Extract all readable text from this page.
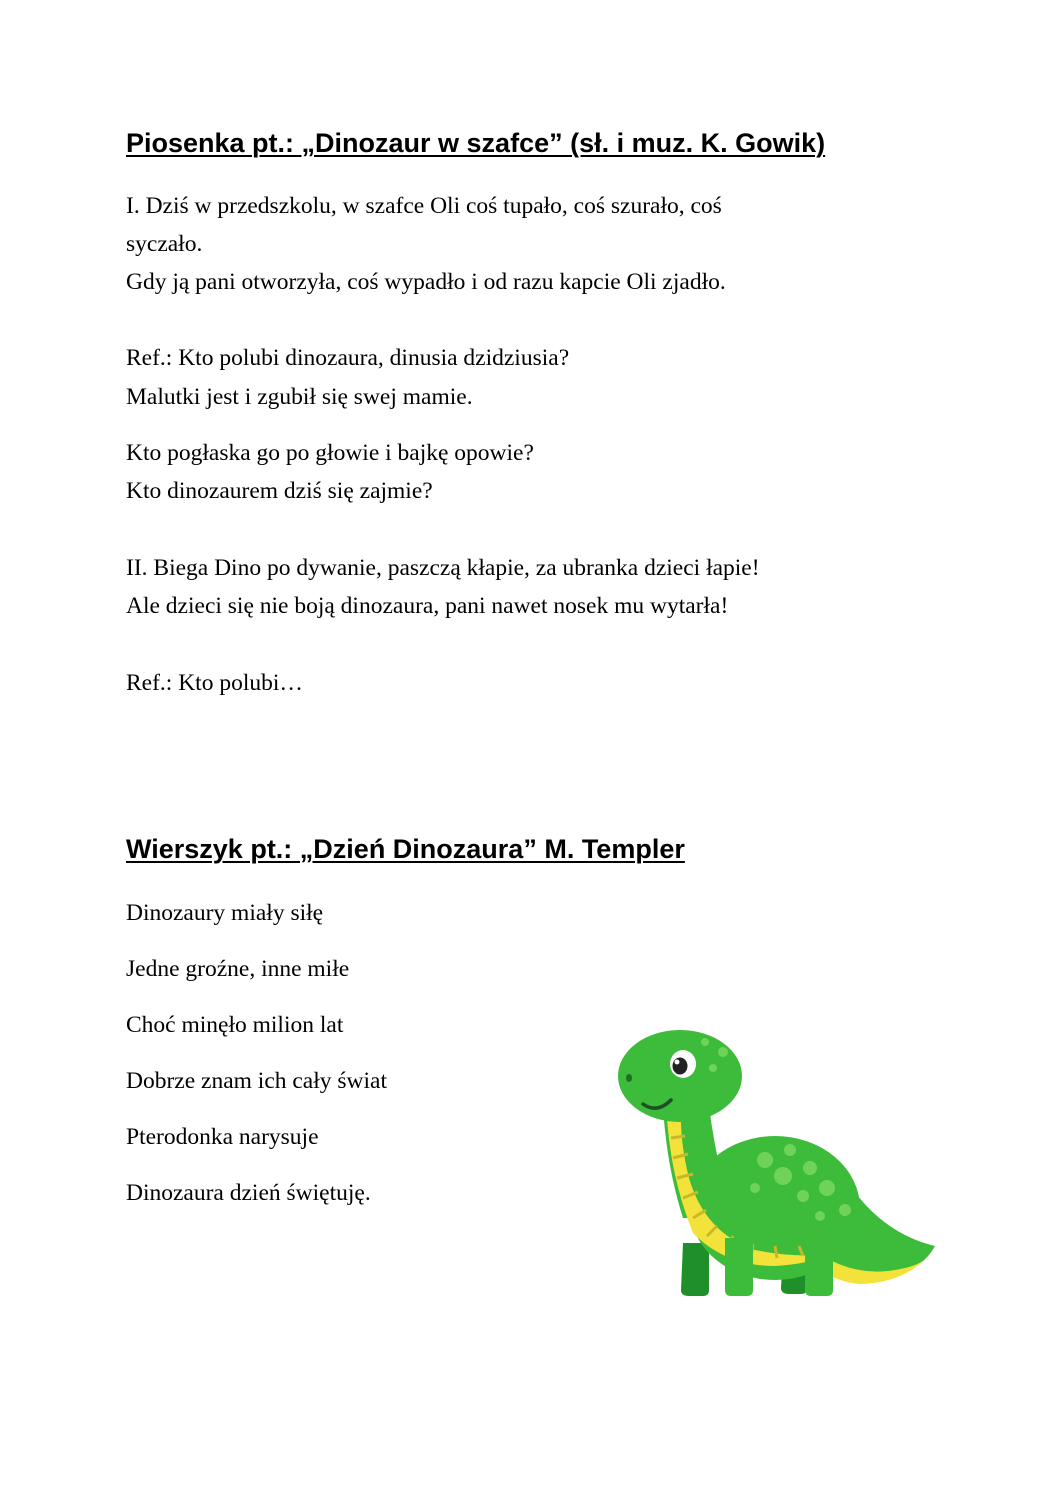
Piosenka pt.: „Dinozaur w szafce” (sł. i muz. K. Gowik)

I. Dziś w przedszkolu, w szafce Oli coś tupało, coś szurało, coś

syczało.

Gdy ją pani otworzyła, coś wypadło i od razu kapcie Oli zjadło.

Ref.: Kto polubi dinozaura, dinusia dzidziusia?

Malutki jest i zgubił się swej mamie.

Kto pogłaska go po głowie i bajkę opowie?

Kto dinozaurem dziś się zajmie?

II. Biega Dino po dywanie, paszczą kłapie, za ubranka dzieci łapie!

Ale dzieci się nie boją dinozaura, pani nawet nosek mu wytarła!

Ref.: Kto polubi…

Wierszyk pt.: „Dzień Dinozaura” M. Templer

Dinozaury miały siłę

Jedne groźne, inne miłe

Choć minęło milion lat

Dobrze znam ich cały świat

Pterodonka narysuje

Dinozaura dzień świętuję.
